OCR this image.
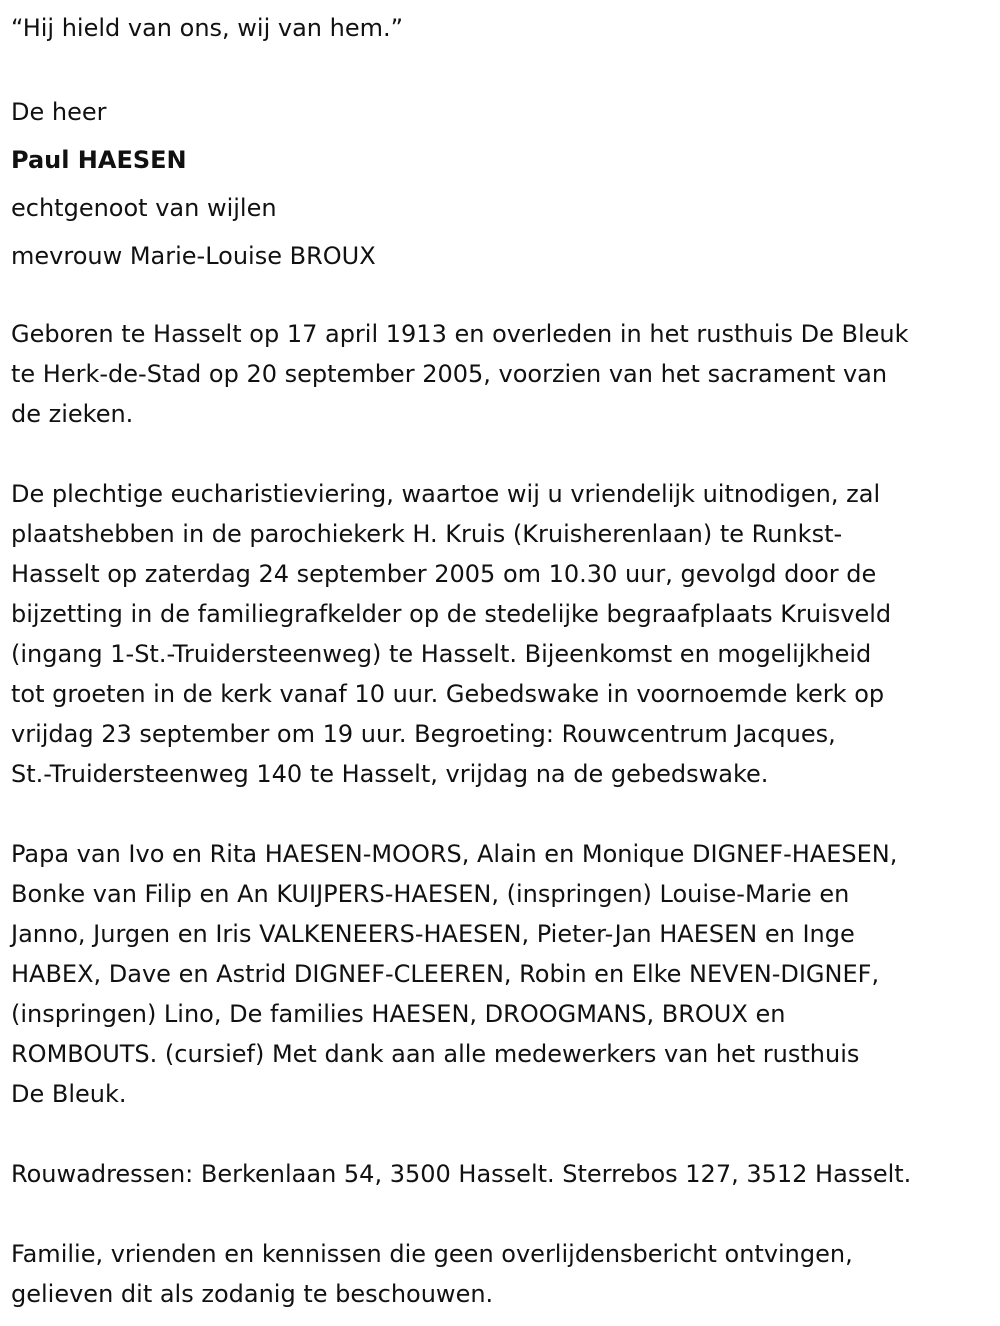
“Hij hield van ons, wij van hem.”

De heer

Paul HAESEN

echtgenoot van wijlen

mevrouw Marie-Louise BROUX

Geboren te Hasselt op 17 april 1913 en overleden in het rusthuis De Bleuk

te Herk-de-Stad op 20 september 2005, voorzien van het sacrament van

de zieken.

De plechtige eucharistieviering, waartoe wij u vriendelijk uitnodigen, zal

plaatshebben in de parochiekerk H. Kruis (Kruisherenlaan) te Runkst-

Hasselt op zaterdag 24 september 2005 om 10.30 uur, gevolgd door de

bijzetting in de familiegrafkelder op de stedelijke begraafplaats Kruisveld

(ingang 1-St.-Truidersteenweg) te Hasselt. Bijeenkomst en mogelijkheid

tot groeten in de kerk vanaf 10 uur. Gebedswake in voornoemde kerk op

vrijdag 23 september om 19 uur. Begroeting: Rouwcentrum Jacques,

St.-Truidersteenweg 140 te Hasselt, vrijdag na de gebedswake.

Papa van Ivo en Rita HAESEN-MOORS, Alain en Monique DIGNEF-HAESEN,

Bonke van Filip en An KUIJPERS-HAESEN, (inspringen) Louise-Marie en

Janno, Jurgen en Iris VALKENEERS-HAESEN, Pieter-Jan HAESEN en Inge

HABEX, Dave en Astrid DIGNEF-CLEEREN, Robin en Elke NEVEN-DIGNEF,

(inspringen) Lino, De families HAESEN, DROOGMANS, BROUX en

ROMBOUTS. (cursief) Met dank aan alle medewerkers van het rusthuis

De Bleuk.

Rouwadressen: Berkenlaan 54, 3500 Hasselt. Sterrebos 127, 3512 Hasselt.

Familie, vrienden en kennissen die geen overlijdensbericht ontvingen,

gelieven dit als zodanig te beschouwen.
